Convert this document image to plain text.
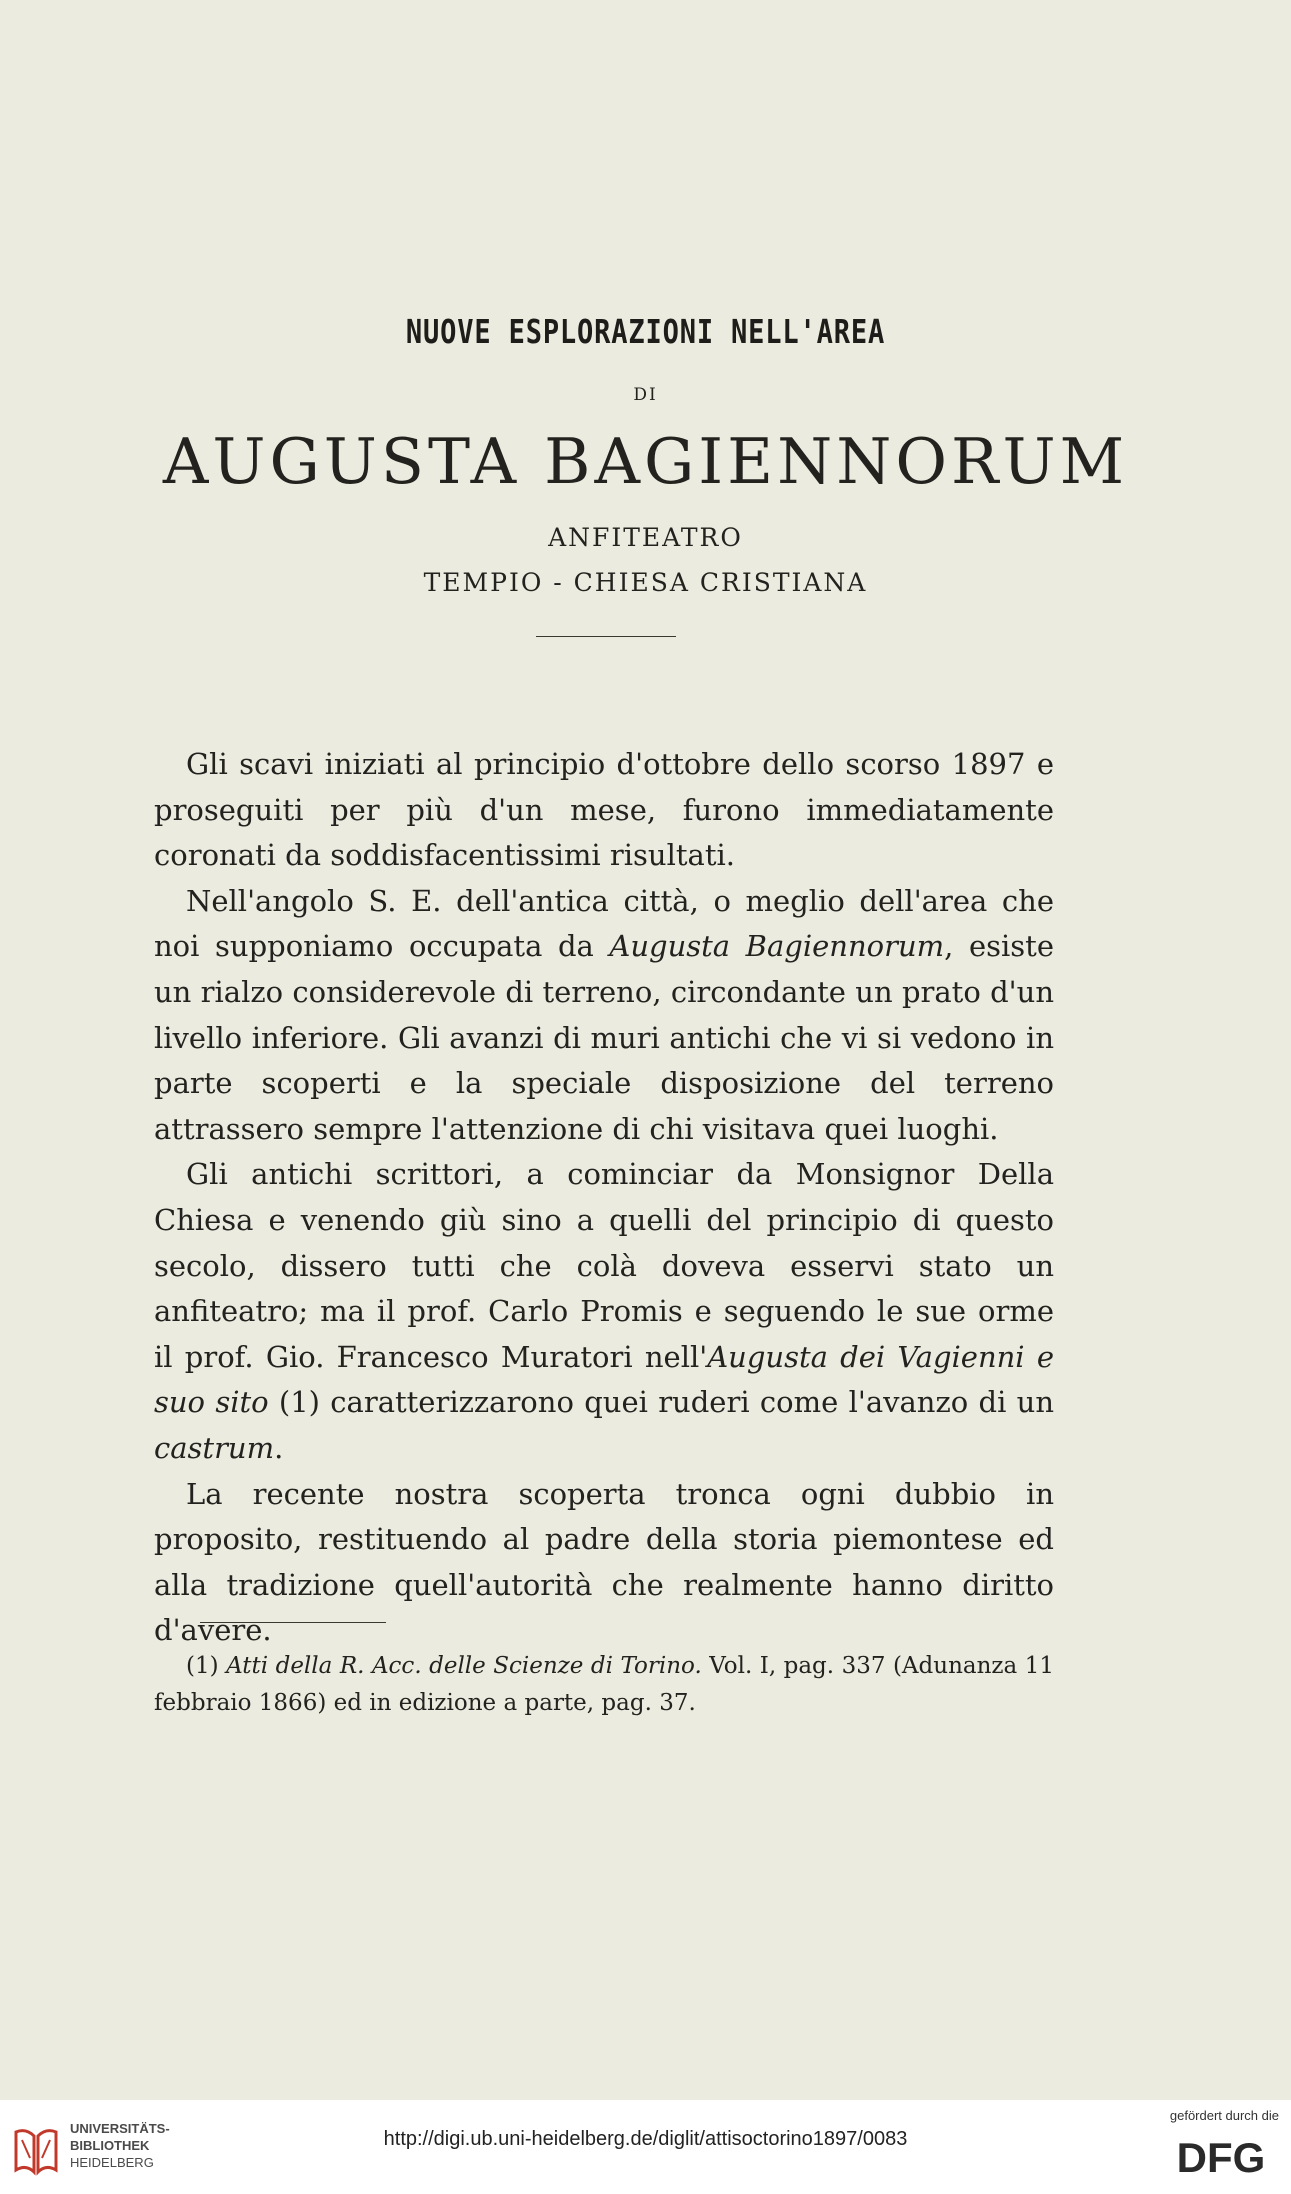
NUOVE ESPLORAZIONI NELL'AREA
DI
AUGUSTA BAGIENNORUM
ANFITEATRO
TEMPIO - CHIESA CRISTIANA

Gli scavi iniziati al principio d'ottobre dello scorso 1897 e proseguiti per più d'un mese, furono immediatamente coronati da soddisfacentissimi risultati.

Nell'angolo S. E. dell'antica città, o meglio dell'area che noi supponiamo occupata da Augusta Bagiennorum, esiste un rialzo considerevole di terreno, circondante un prato d'un livello inferiore. Gli avanzi di muri antichi che vi si vedono in parte scoperti e la speciale disposizione del terreno attrassero sempre l'attenzione di chi visitava quei luoghi.

Gli antichi scrittori, a cominciar da Monsignor Della Chiesa e venendo giù sino a quelli del principio di questo secolo, dissero tutti che colà doveva esservi stato un anfiteatro; ma il prof. Carlo Promis e seguendo le sue orme il prof. Gio. Francesco Muratori nell'Augusta dei Vagienni e suo sito (1) caratterizzarono quei ruderi come l'avanzo di un castrum.

La recente nostra scoperta tronca ogni dubbio in proposito, restituendo al padre della storia piemontese ed alla tradizione quell'autorità che realmente hanno diritto d'avere.

(1) Atti della R. Acc. delle Scienze di Torino. Vol. I, pag. 337 (Adunanza 11 febbraio 1866) ed in edizione a parte, pag. 37.

UNIVERSITÄTS-
BIBLIOTHEK
HEIDELBERG
http://digi.ub.uni-heidelberg.de/diglit/attisoctorino1897/0083
gefördert durch die
DFG
